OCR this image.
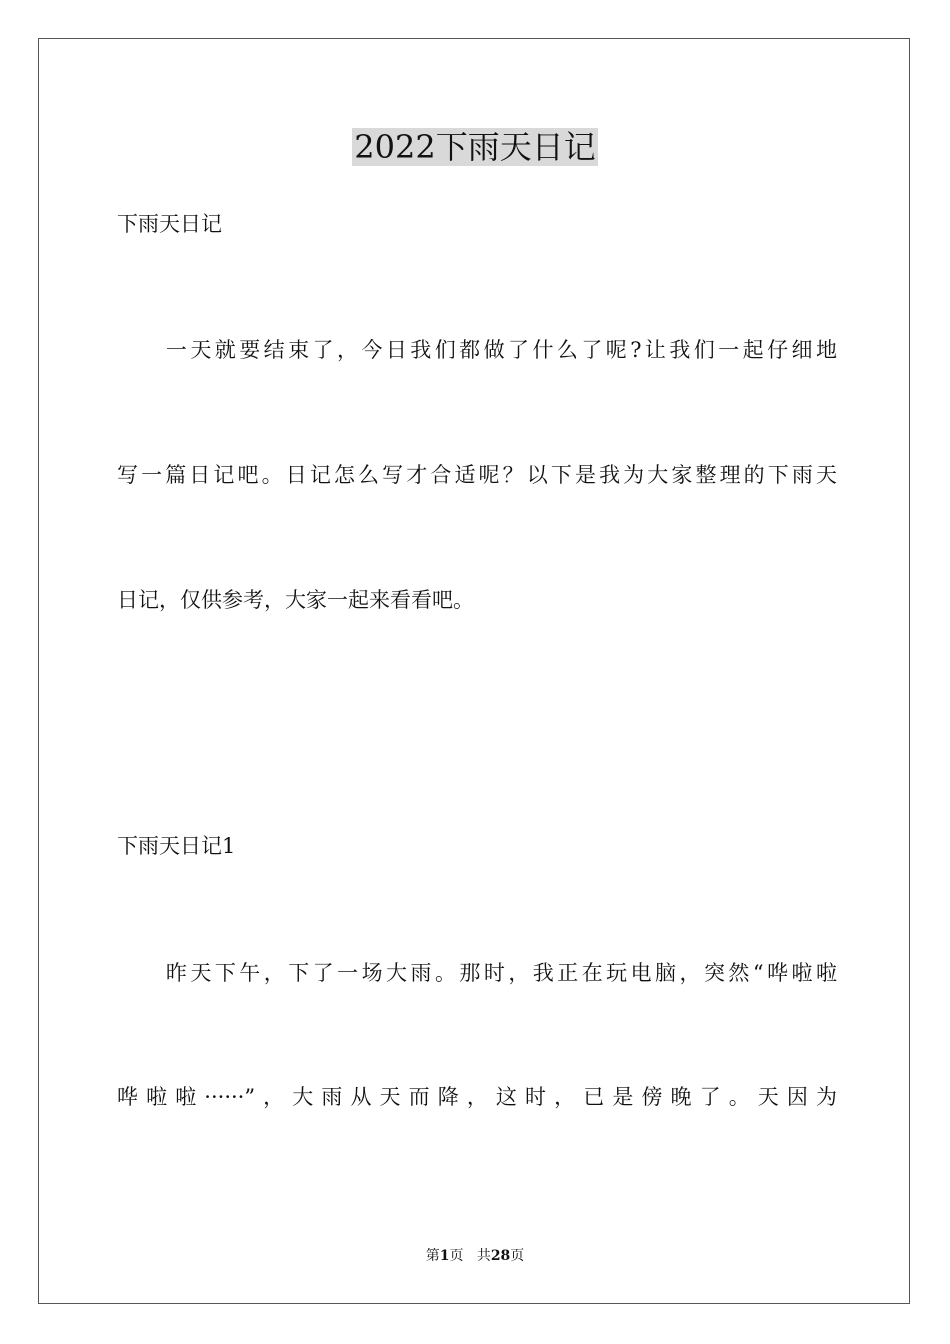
2022下雨天日记
下雨天日记
　　一天就要结束了，今日我们都做了什么了呢?让我们一起仔细地
写一篇日记吧。日记怎么写才合适呢？以下是我为大家整理的下雨天
日记，仅供参考，大家一起来看看吧。
下雨天日记1
　　昨天下午，下了一场大雨。那时，我正在玩电脑，突然“哗啦啦
哗啦啦······”，大雨从天而降，这时，已是傍晚了。天因为
第1页 共28页
